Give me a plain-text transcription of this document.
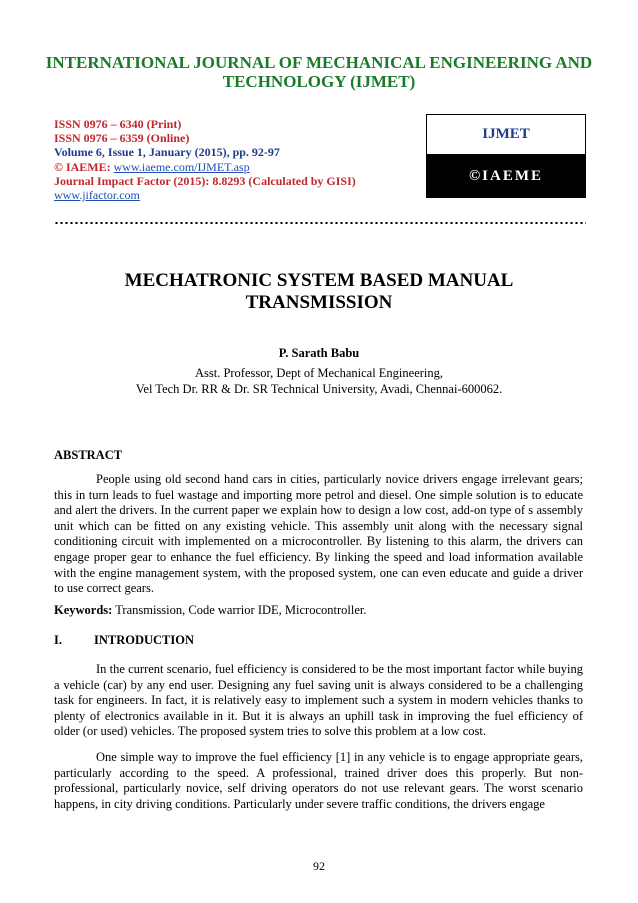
INTERNATIONAL JOURNAL OF MECHANICAL ENGINEERING AND
TECHNOLOGY (IJMET)
ISSN 0976 – 6340 (Print)
ISSN 0976 – 6359 (Online)
Volume 6, Issue 1, January (2015), pp. 92-97
© IAEME: www.iaeme.com/IJMET.asp
Journal Impact Factor (2015): 8.8293 (Calculated by GISI)
www.jifactor.com
IJMET
©IAEME
MECHATRONIC SYSTEM BASED MANUAL
TRANSMISSION
P. Sarath Babu
Asst. Professor, Dept of Mechanical Engineering,
Vel Tech Dr. RR & Dr. SR Technical University, Avadi, Chennai-600062.
ABSTRACT

People using old second hand cars in cities, particularly novice drivers engage irrelevant gears; this in turn leads to fuel wastage and importing more petrol and diesel. One simple solution is to educate and alert the drivers. In the current paper we explain how to design a low cost, add-on type of s assembly unit which can be fitted on any existing vehicle. This assembly unit along with the necessary signal conditioning circuit with implemented on a microcontroller. By listening to this alarm, the drivers can engage proper gear to enhance the fuel efficiency. By linking the speed and load information available with the engine management system, with the proposed system, one can even educate and guide a driver to use correct gears.

Keywords: Transmission, Code warrior IDE, Microcontroller.
I.	INTRODUCTION

In the current scenario, fuel efficiency is considered to be the most important factor while buying a vehicle (car) by any end user. Designing any fuel saving unit is always considered to be a challenging task for engineers. In fact, it is relatively easy to implement such a system in modern vehicles thanks to plenty of electronics available in it. But it is always an uphill task in improving the fuel efficiency of older (or used) vehicles. The proposed system tries to solve this problem at a low cost.

One simple way to improve the fuel efficiency [1] in any vehicle is to engage appropriate gears, particularly according to the speed. A professional, trained driver does this properly. But non-professional, particularly novice, self driving operators do not use relevant gears. The worst scenario happens, in city driving conditions. Particularly under severe traffic conditions, the drivers engage

92
